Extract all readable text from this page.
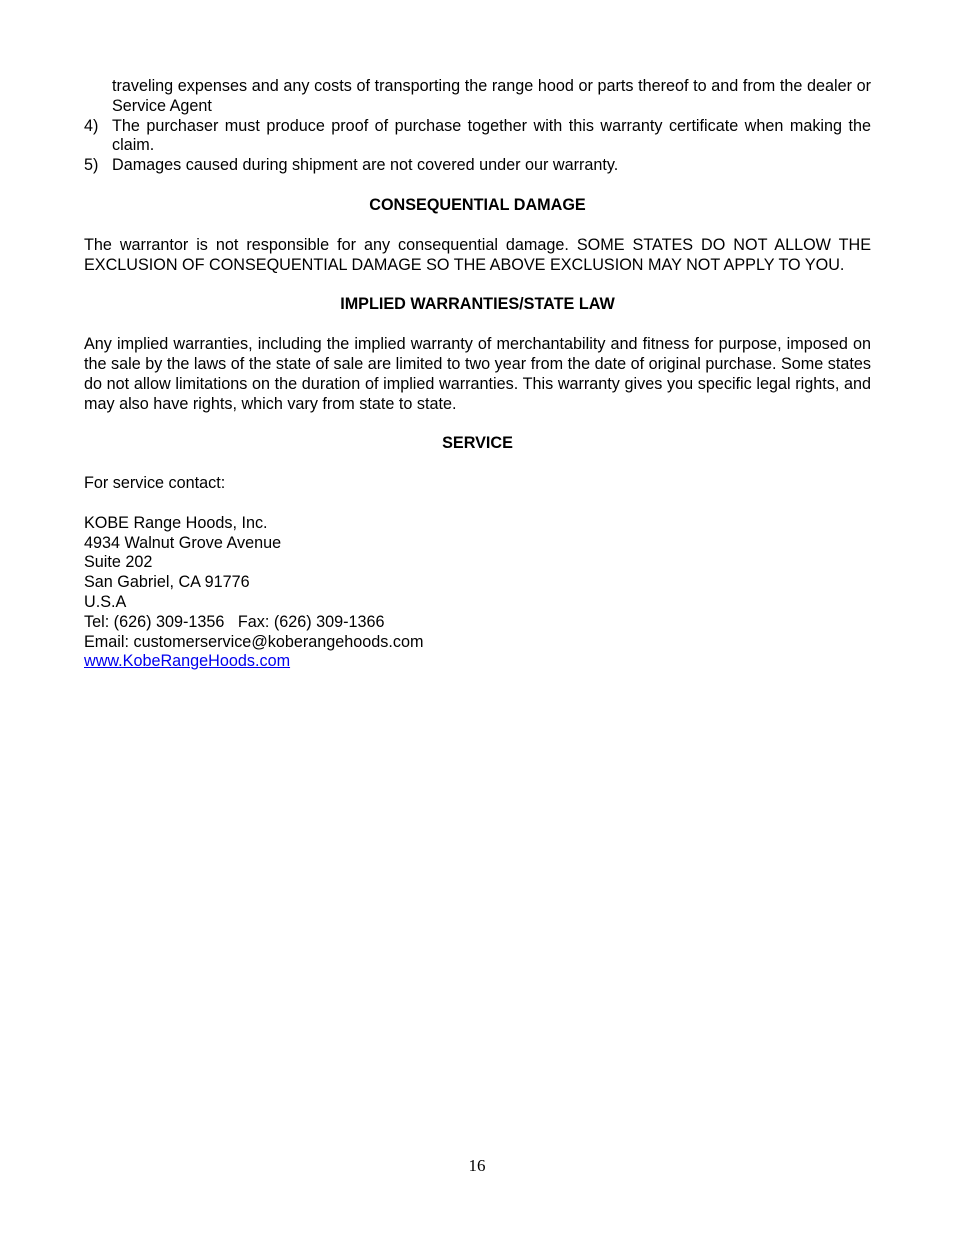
traveling expenses and any costs of transporting the range hood or parts thereof to and from the dealer or Service Agent
4) The purchaser must produce proof of purchase together with this warranty certificate when making the claim.
5) Damages caused during shipment are not covered under our warranty.
CONSEQUENTIAL DAMAGE
The warrantor is not responsible for any consequential damage. SOME STATES DO NOT ALLOW THE EXCLUSION OF CONSEQUENTIAL DAMAGE SO THE ABOVE EXCLUSION MAY NOT APPLY TO YOU.
IMPLIED WARRANTIES/STATE LAW
Any implied warranties, including the implied warranty of merchantability and fitness for purpose, imposed on the sale by the laws of the state of sale are limited to two year from the date of original purchase. Some states do not allow limitations on the duration of implied warranties. This warranty gives you specific legal rights, and may also have rights, which vary from state to state.
SERVICE
For service contact:
KOBE Range Hoods, Inc.
4934 Walnut Grove Avenue
Suite 202
San Gabriel, CA 91776
U.S.A
Tel: (626) 309-1356   Fax: (626) 309-1366
Email: customerservice@koberangehoods.com
www.KobeRangeHoods.com
16
